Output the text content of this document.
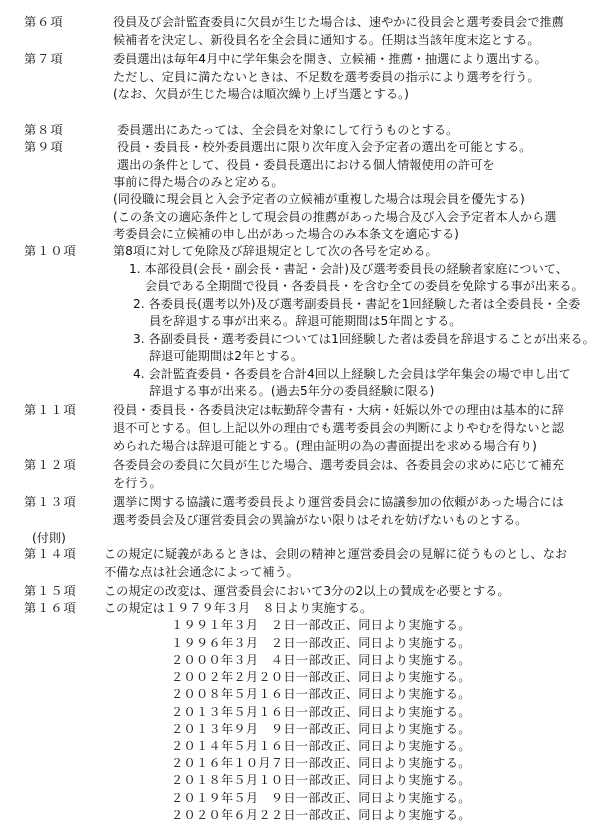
第６項	役員及び会計監査委員に欠員が生じた場合は、速やかに役員会と選考委員会で推薦
候補者を決定し、新役員名を全会員に通知する。任期は当該年度末迄とする。
第７項	委員選出は毎年4月中に学年集会を開き、立候補・推薦・抽選により選出する。
ただし、定員に満たないときは、不足数を選考委員の指示により選考を行う。
(なお、欠員が生じた場合は順次繰り上げ当選とする。)
第８項	委員選出にあたっては、全会員を対象にして行うものとする。
第９項	役員・委員長・校外委員選出に限り次年度入会予定者の選出を可能とする。
選出の条件として、役員・委員長選出における個人情報使用の許可を
事前に得た場合のみと定める。
(同役職に現会員と入会予定者の立候補が重複した場合は現会員を優先する)
(この条文の適応条件として現会員の推薦があった場合及び入会予定者本人から選
考委員会に立候補の申し出があった場合のみ本条文を適応する)
第１０項	第8項に対して免除及び辞退規定として次の各号を定める。
1. 本部役員(会長・副会長・書記・会計)及び選考委員長の経験者家庭について、
会員である全期間で役員・各委員長・を含む全ての委員を免除する事が出来る。
2. 各委員長(選考以外)及び選考副委員長・書記を1回経験した者は全委員長・全委
員を辞退する事が出来る。辞退可能期間は5年間とする。
3. 各副委員長・選考委員については1回経験した者は委員を辞退することが出来る。
辞退可能期間は2年とする。
4. 会計監査委員・各委員を合計4回以上経験した会員は学年集会の場で申し出て
辞退する事が出来る。(過去5年分の委員経験に限る)
第１１項	役員・委員長・各委員決定は転勤辞令書有・大病・妊娠以外での理由は基本的に辞
退不可とする。但し上記以外の理由でも選考委員会の判断によりやむを得ないと認
められた場合は辞退可能とする。(理由証明の為の書面提出を求める場合有り)
第１２項	各委員会の委員に欠員が生じた場合、選考委員会は、各委員会の求めに応じて補充
を行う。
第１３項	選挙に関する協議に選考委員長より運営委員会に協議参加の依頼があった場合には
選考委員会及び運営委員会の異論がない限りはそれを妨げないものとする。
(付則)
第１４項 この規定に疑義があるときは、会則の精神と運営委員会の見解に従うものとし、なお
不備な点は社会通念によって補う。
第１５項 この規定の改変は、運営委員会において3分の2以上の賛成を必要とする。
第１６項 この規定は１９７９年３月　８日より実施する。
１９９１年３月　２日一部改正、同日より実施する。
１９９６年３月　２日一部改正、同日より実施する。
２０００年３月　４日一部改正、同日より実施する。
２００２年２月２０日一部改正、同日より実施する。
２００８年５月１６日一部改正、同日より実施する。
２０１３年５月１６日一部改正、同日より実施する。
２０１３年９月　９日一部改正、同日より実施する。
２０１４年５月１６日一部改正、同日より実施する。
２０１６年１０月７日一部改正、同日より実施する。
２０１８年５月１０日一部改正、同日より実施する。
２０１９年５月　９日一部改正、同日より実施する。
２０２０年６月２２日一部改正、同日より実施する。
